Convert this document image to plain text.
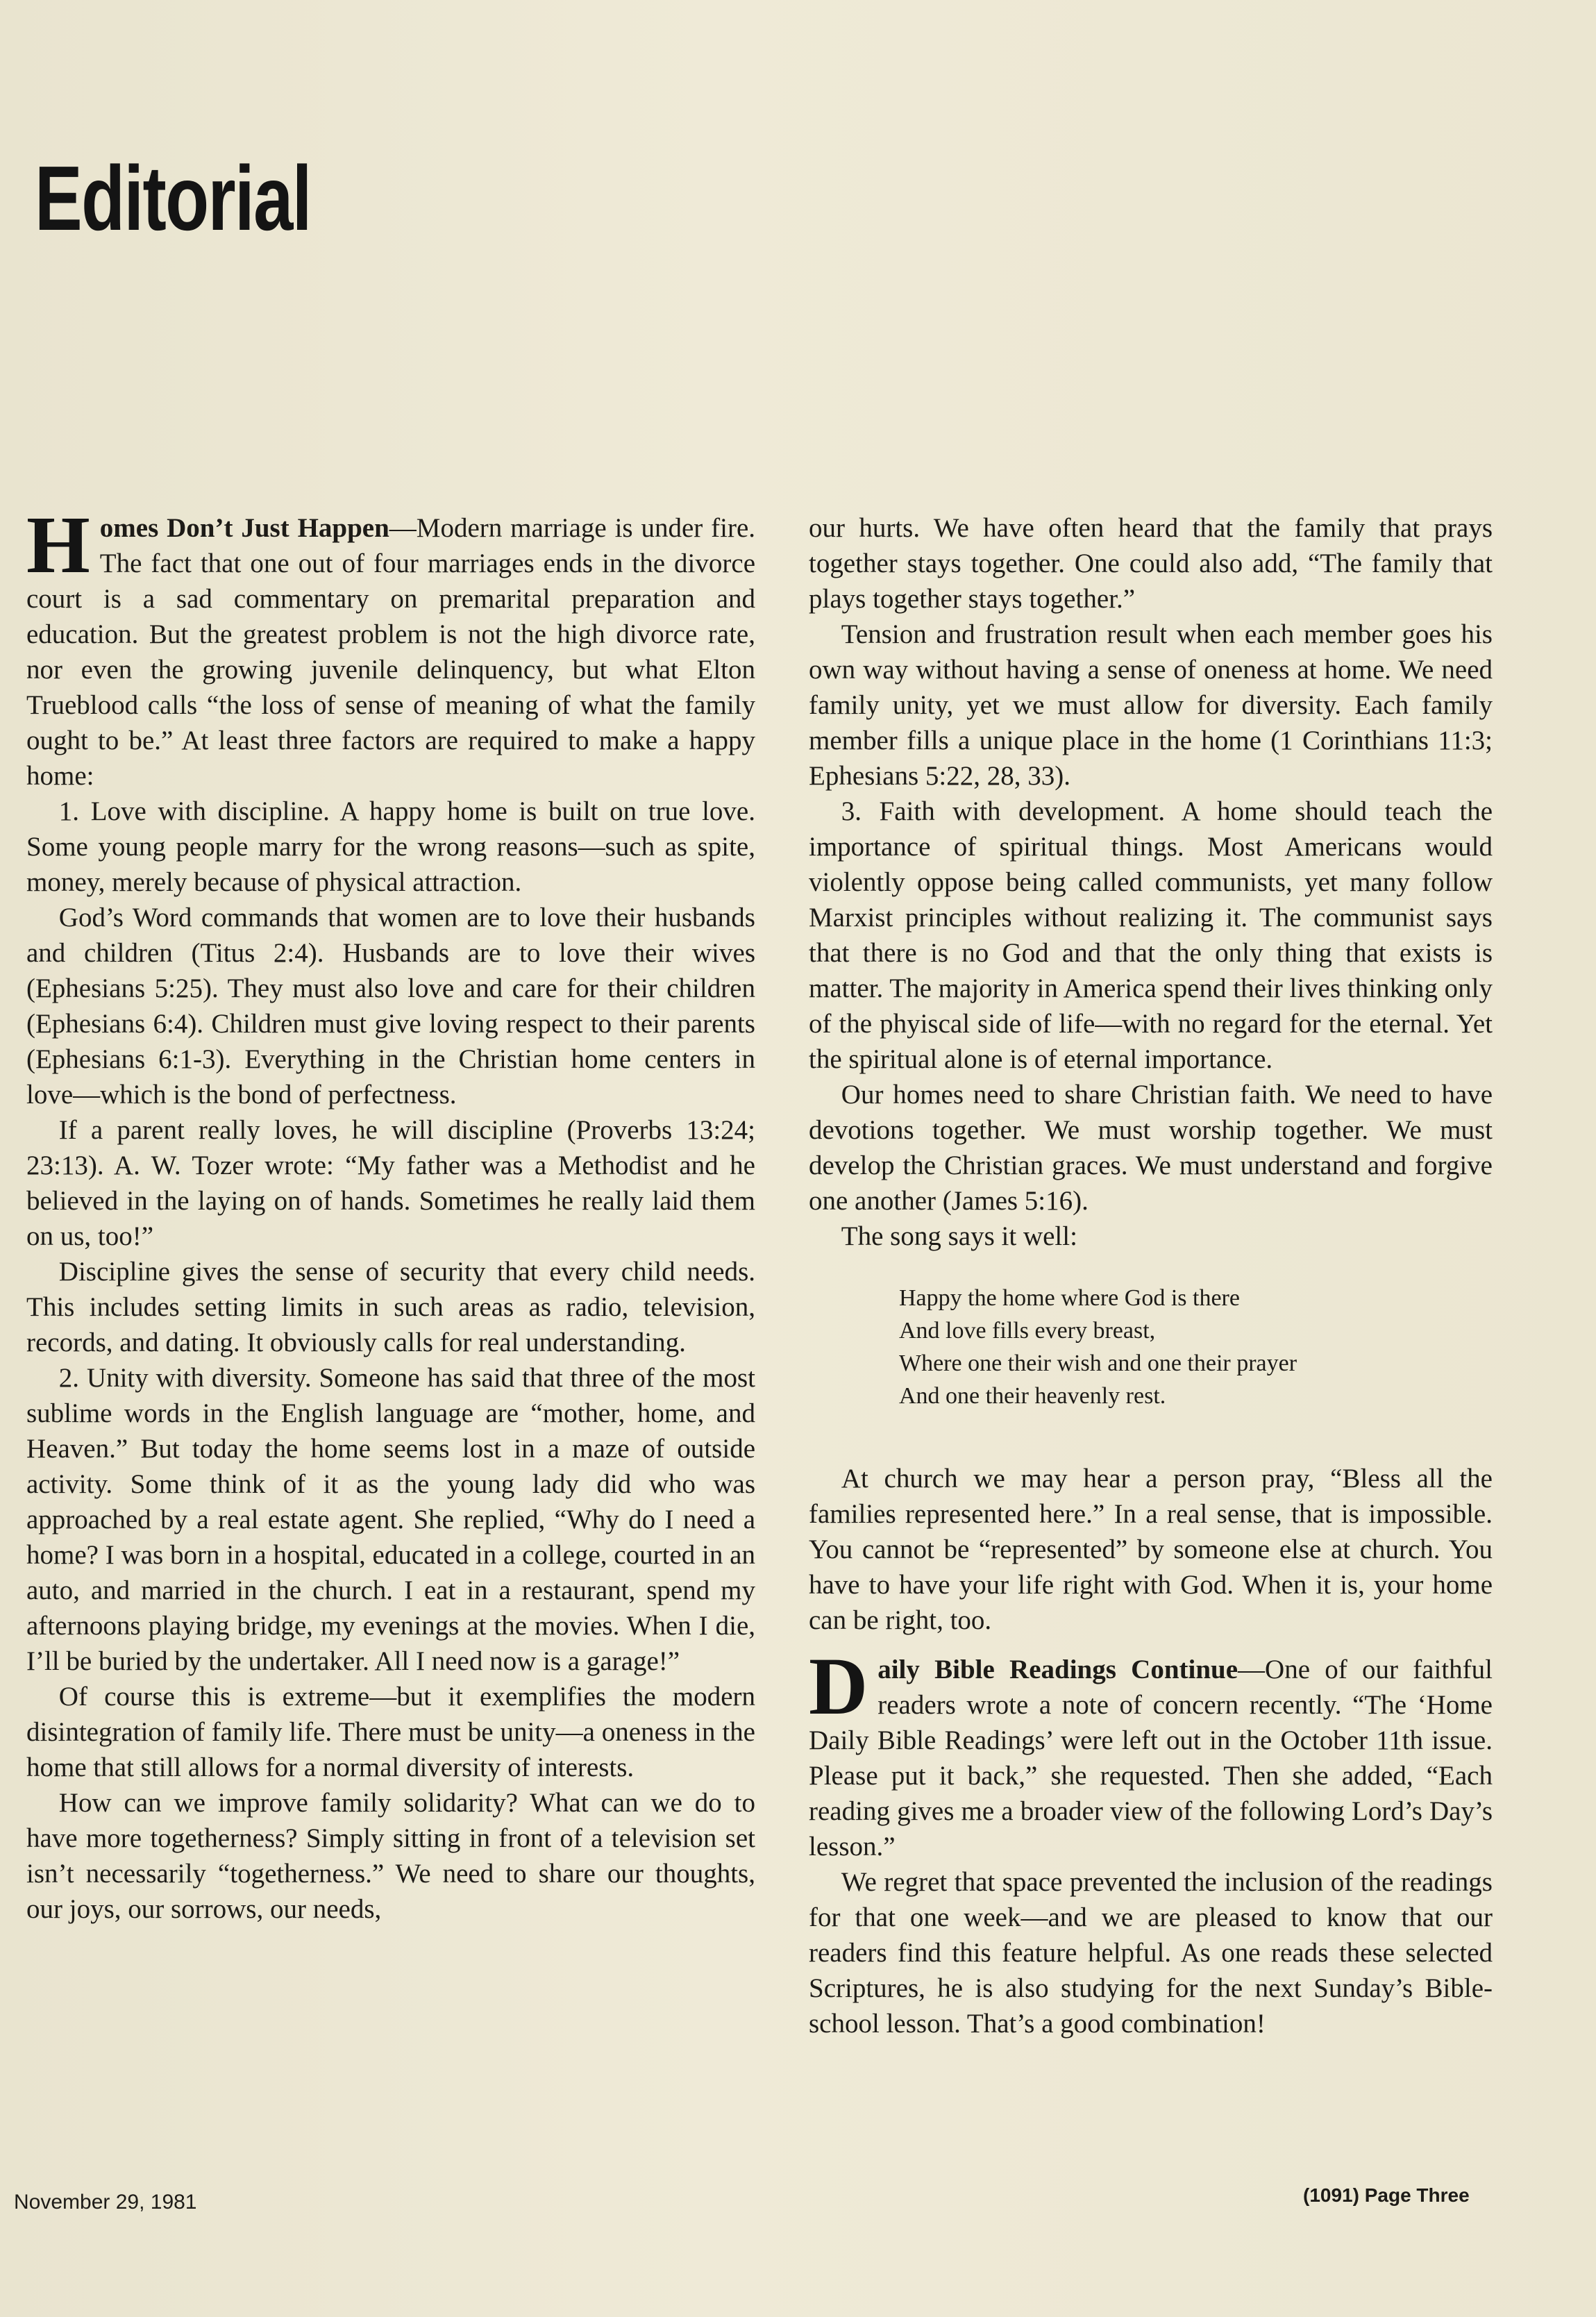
Editorial

Homes Don’t Just Happen—Modern marriage is under fire. The fact that one out of four marriages ends in the divorce court is a sad commentary on premarital preparation and education. But the greatest problem is not the high divorce rate, nor even the growing juvenile delinquency, but what Elton Trueblood calls “the loss of sense of meaning of what the family ought to be.” At least three factors are required to make a happy home:

1. Love with discipline. A happy home is built on true love. Some young people marry for the wrong reasons—such as spite, money, merely because of physical attraction.

God’s Word commands that women are to love their husbands and children (Titus 2:4). Husbands are to love their wives (Ephesians 5:25). They must also love and care for their children (Ephesians 6:4). Children must give loving respect to their parents (Ephesians 6:1-3). Everything in the Christian home centers in love—which is the bond of perfectness.

If a parent really loves, he will discipline (Proverbs 13:24; 23:13). A. W. Tozer wrote: “My father was a Methodist and he believed in the laying on of hands. Sometimes he really laid them on us, too!”

Discipline gives the sense of security that every child needs. This includes setting limits in such areas as radio, television, records, and dating. It obviously calls for real understanding.

2. Unity with diversity. Someone has said that three of the most sublime words in the English language are “mother, home, and Heaven.” But today the home seems lost in a maze of outside activity. Some think of it as the young lady did who was approached by a real estate agent. She replied, “Why do I need a home? I was born in a hospital, educated in a college, courted in an auto, and married in the church. I eat in a restaurant, spend my afternoons playing bridge, my evenings at the movies. When I die, I’ll be buried by the undertaker. All I need now is a garage!”

Of course this is extreme—but it exemplifies the modern disintegration of family life. There must be unity—a oneness in the home that still allows for a normal diversity of interests.

How can we improve family solidarity? What can we do to have more togetherness? Simply sitting in front of a television set isn’t necessarily “togetherness.” We need to share our thoughts, our joys, our sorrows, our needs,

our hurts. We have often heard that the family that prays together stays together. One could also add, “The family that plays together stays together.”

Tension and frustration result when each member goes his own way without having a sense of oneness at home. We need family unity, yet we must allow for diversity. Each family member fills a unique place in the home (1 Corinthians 11:3; Ephesians 5:22, 28, 33).

3. Faith with development. A home should teach the importance of spiritual things. Most Americans would violently oppose being called communists, yet many follow Marxist principles without realizing it. The communist says that there is no God and that the only thing that exists is matter. The majority in America spend their lives thinking only of the phyiscal side of life—with no regard for the eternal. Yet the spiritual alone is of eternal importance.

Our homes need to share Christian faith. We need to have devotions together. We must worship together. We must develop the Christian graces. We must understand and forgive one another (James 5:16).

The song says it well:

Happy the home where God is there
And love fills every breast,
Where one their wish and one their prayer
And one their heavenly rest.

At church we may hear a person pray, “Bless all the families represented here.” In a real sense, that is impossible. You cannot be “represented” by someone else at church. You have to have your life right with God. When it is, your home can be right, too.

Daily Bible Readings Continue—One of our faithful readers wrote a note of concern recently. “The ‘Home Daily Bible Readings’ were left out in the October 11th issue. Please put it back,” she requested. Then she added, “Each reading gives me a broader view of the following Lord’s Day’s lesson.”

We regret that space prevented the inclusion of the readings for that one week—and we are pleased to know that our readers find this feature helpful. As one reads these selected Scriptures, he is also studying for the next Sunday’s Bible-school lesson. That’s a good combination!

November 29, 1981	(1091) Page Three
